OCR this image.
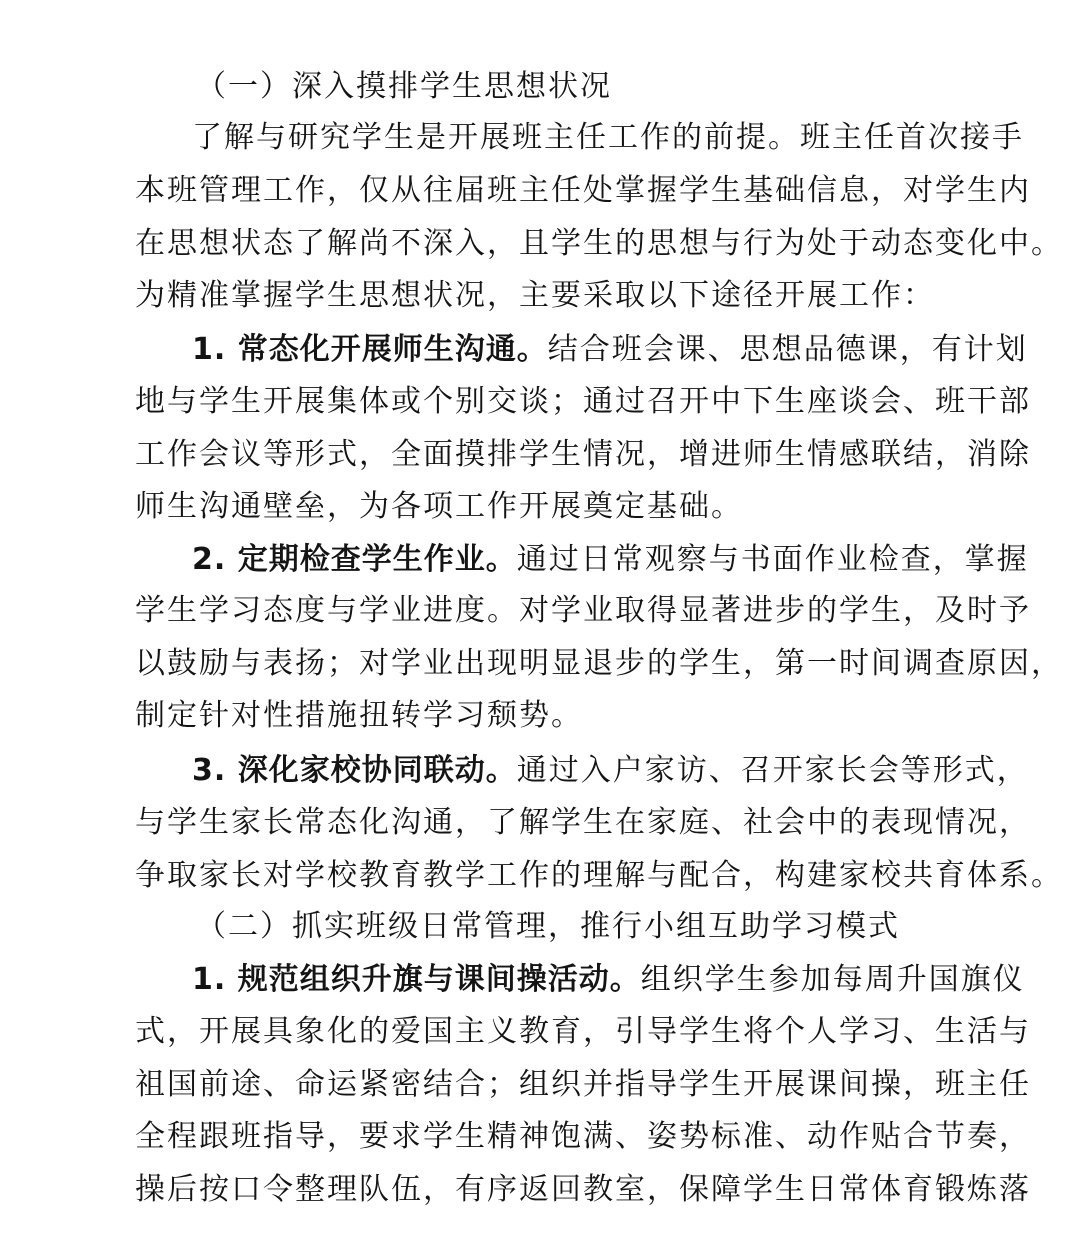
（一）深入摸排学生思想状况
了解与研究学生是开展班主任工作的前提。班主任首次接手
本班管理工作，仅从往届班主任处掌握学生基础信息，对学生内
在思想状态了解尚不深入，且学生的思想与行为处于动态变化中。
为精准掌握学生思想状况，主要采取以下途径开展工作：
1. 常态化开展师生沟通。结合班会课、思想品德课，有计划
地与学生开展集体或个别交谈；通过召开中下生座谈会、班干部
工作会议等形式，全面摸排学生情况，增进师生情感联结，消除
师生沟通壁垒，为各项工作开展奠定基础。
2. 定期检查学生作业。通过日常观察与书面作业检查，掌握
学生学习态度与学业进度。对学业取得显著进步的学生，及时予
以鼓励与表扬；对学业出现明显退步的学生，第一时间调查原因，
制定针对性措施扭转学习颓势。
3. 深化家校协同联动。通过入户家访、召开家长会等形式，
与学生家长常态化沟通，了解学生在家庭、社会中的表现情况，
争取家长对学校教育教学工作的理解与配合，构建家校共育体系。
（二）抓实班级日常管理，推行小组互助学习模式
1. 规范组织升旗与课间操活动。组织学生参加每周升国旗仪
式，开展具象化的爱国主义教育，引导学生将个人学习、生活与
祖国前途、命运紧密结合；组织并指导学生开展课间操，班主任
全程跟班指导，要求学生精神饱满、姿势标准、动作贴合节奏，
操后按口令整理队伍，有序返回教室，保障学生日常体育锻炼落
